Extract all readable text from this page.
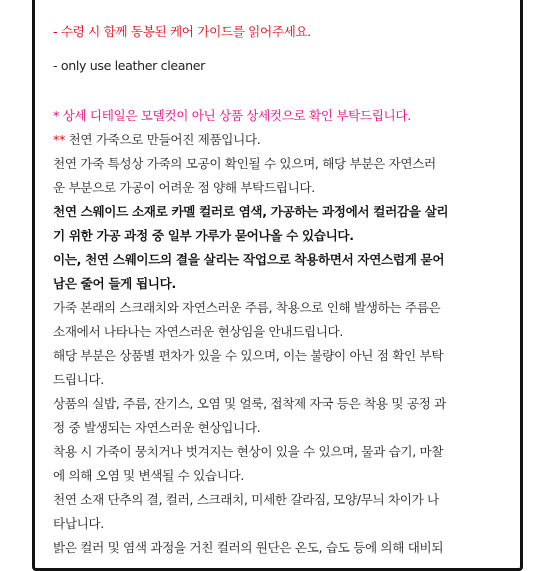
- 수령 시 함께 동봉된 케어 가이드를 읽어주세요.
- only use leather cleaner
* 상세 디테일은 모델컷이 아닌 상품 상세컷으로 확인 부탁드립니다.
** 천연 가죽으로 만들어진 제품입니다.
천연 가죽 특성상 가죽의 모공이 확인될 수 있으며, 해당 부분은 자연스러
운 부분으로 가공이 어려운 점 양해 부탁드립니다.
천연 스웨이드 소재로 카멜 컬러로 염색, 가공하는 과정에서 컬러감을 살리
기 위한 가공 과정 중 일부 가루가 묻어나올 수 있습니다.
이는, 천연 스웨이드의 결을 살리는 작업으로 착용하면서 자연스럽게 묻어
남은 줄어 들게 됩니다.
가죽 본래의 스크래치와 자연스러운 주름, 착용으로 인해 발생하는 주름은
소재에서 나타나는 자연스러운 현상임을 안내드립니다.
해당 부분은 상품별 편차가 있을 수 있으며, 이는 불량이 아닌 점 확인 부탁
드립니다.
상품의 실밥, 주름, 잔기스, 오염 및 얼룩, 접착제 자국 등은 착용 및 공정 과
정 중 발생되는 자연스러운 현상입니다.
착용 시 가죽이 뭉치거나 벗겨지는 현상이 있을 수 있으며, 물과 습기, 마찰
에 의해 오염 및 변색될 수 있습니다.
천연 소재 단추의 결, 컬러, 스크래치, 미세한 갈라짐, 모양/무늬 차이가 나
타납니다.
밝은 컬러 및 염색 과정을 거친 컬러의 원단은 온도, 습도 등에 의해 대비되
